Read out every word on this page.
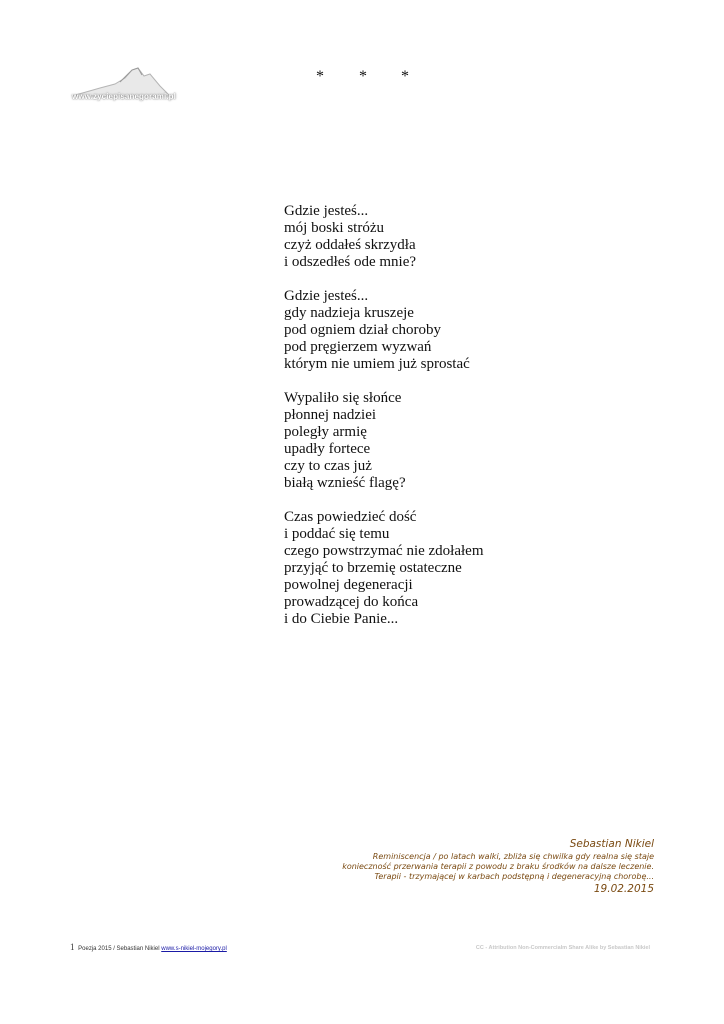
www.zyciepisanegorami.pl
* * *
Gdzie jesteś...
mój boski stróżu
czyż oddałeś skrzydła
i odszedłeś ode mnie?
Gdzie jesteś...
gdy nadzieja kruszeje
pod ogniem dział choroby
pod pręgierzem wyzwań
którym nie umiem już sprostać
Wypaliło się słońce
płonnej nadziei
poległy armię
upadły fortece
czy to czas już
białą wznieść flagę?
Czas powiedzieć dość
i poddać się temu
czego powstrzymać nie zdołałem
przyjąć to brzemię ostateczne
powolnej degeneracji
prowadzącej do końca
i do Ciebie Panie...
Sebastian Nikiel
Reminiscencja / po latach walki, zbliża się chwilka gdy realna się staje
konieczność przerwania terapii z powodu z braku środków na dalsze leczenie.
Terapii - trzymającej w karbach podstępną i degeneracyjną chorobę...
19.02.2015
1 Poezja 2015 / Sebastian Nikiel www.s-nikiel-mojegory.pl	CC - Attribution Non-Commercialm Share Alike by Sebastian Nikiel
